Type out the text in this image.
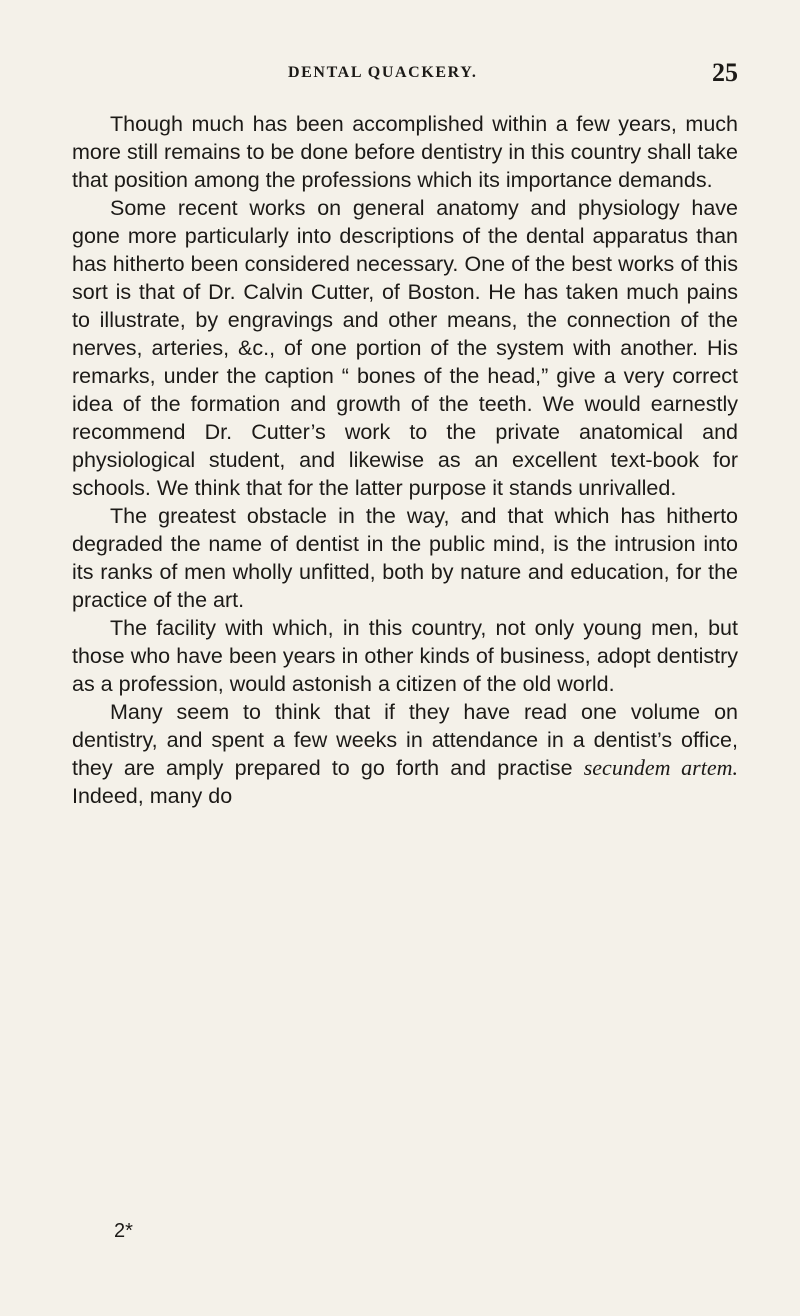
DENTAL QUACKERY.	25

Though much has been accomplished within a few years, much more still remains to be done before dentistry in this country shall take that position among the professions which its importance demands.

Some recent works on general anatomy and physiology have gone more particularly into descriptions of the dental apparatus than has hitherto been considered necessary. One of the best works of this sort is that of Dr. Calvin Cutter, of Boston. He has taken much pains to illustrate, by engravings and other means, the connection of the nerves, arteries, &c., of one portion of the system with another. His remarks, under the caption “ bones of the head,” give a very correct idea of the formation and growth of the teeth. We would earnestly recommend Dr. Cutter’s work to the private anatomical and physiological student, and likewise as an excellent text-book for schools. We think that for the latter purpose it stands unrivalled.

The greatest obstacle in the way, and that which has hitherto degraded the name of dentist in the public mind, is the intrusion into its ranks of men wholly unfitted, both by nature and education, for the practice of the art.

The facility with which, in this country, not only young men, but those who have been years in other kinds of business, adopt dentistry as a profession, would astonish a citizen of the old world.

Many seem to think that if they have read one volume on dentistry, and spent a few weeks in attendance in a dentist’s office, they are amply prepared to go forth and practise secundem artem. Indeed, many do

2*
